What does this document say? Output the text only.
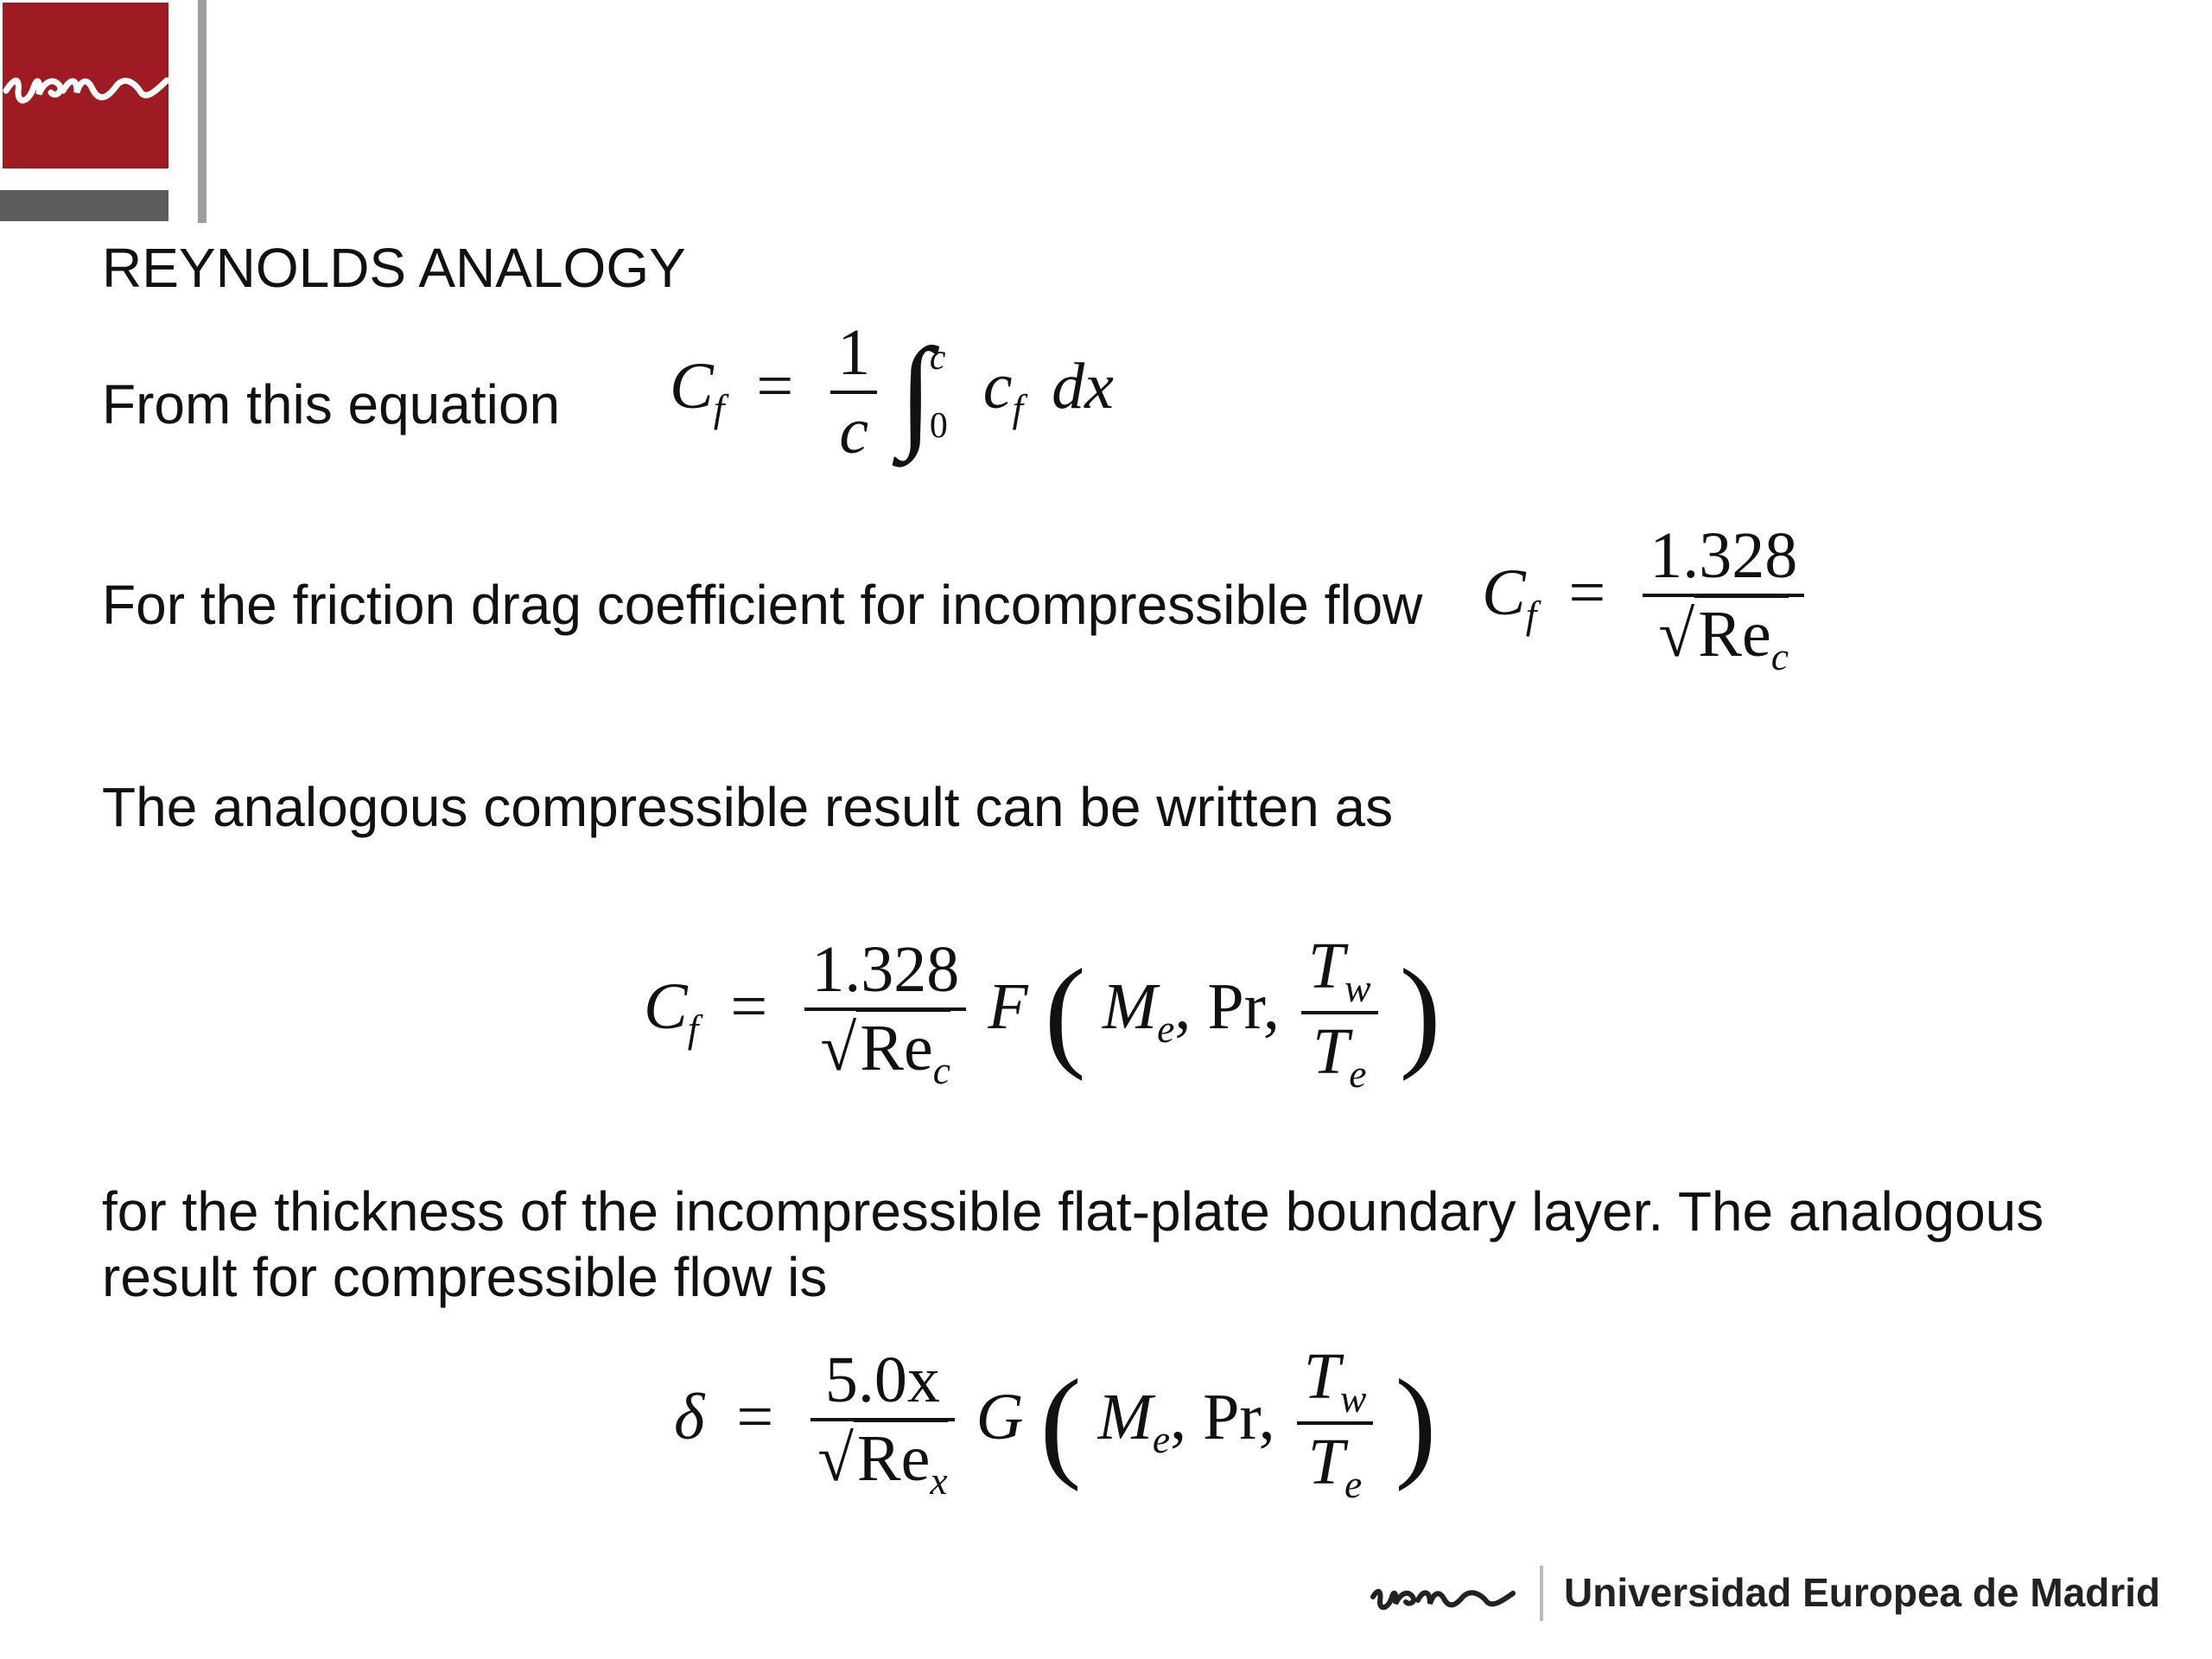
REYNOLDS ANALOGY
From this equation $C_f = \frac{1}{c} \int c$
0 $c_f$ dx
For the friction drag coefficient for incompressible flow $C_f = \frac{1.328}{√Re_c}$
The analogous compressible result can be written as
$C_f = \frac{1.328}{√Re_c}$ F ( $M_e$, Pr, $\frac{T_w}{T_e}$ )
for the thickness of the incompressible flat-plate boundary layer. The analogous
result for compressible flow is
$\delta = \frac{5.0x}{√Re_x}$ G ( $M_e$, Pr, $\frac{T_w}{T_e}$ )
Universidad Europea de Madrid
